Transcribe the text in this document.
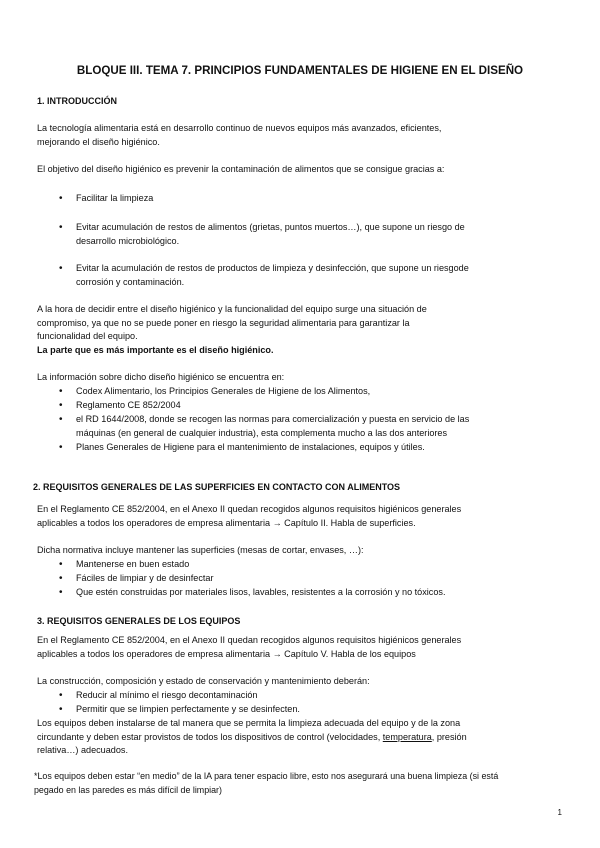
BLOQUE III. TEMA 7. PRINCIPIOS FUNDAMENTALES DE HIGIENE EN EL DISEÑO
1. INTRODUCCIÓN
La tecnología alimentaria está en desarrollo continuo de nuevos equipos más avanzados, eficientes,
mejorando el diseño higiénico.
El objetivo del diseño higiénico es prevenir la contaminación de alimentos que se consigue gracias a:
• Facilitar la limpieza
• Evitar acumulación de restos de alimentos (grietas, puntos muertos…), que supone un riesgo de
desarrollo microbiológico.
• Evitar la acumulación de restos de productos de limpieza y desinfección, que supone un riesgode
corrosión y contaminación.
A la hora de decidir entre el diseño higiénico y la funcionalidad del equipo surge una situación de
compromiso, ya que no se puede poner en riesgo la seguridad alimentaria para garantizar la
funcionalidad del equipo.
La parte que es más importante es el diseño higiénico.
La información sobre dicho diseño higiénico se encuentra en:
• Codex Alimentario, los Principios Generales de Higiene de los Alimentos,
• Reglamento CE 852/2004
• el RD 1644/2008, donde se recogen las normas para comercialización y puesta en servicio de las
máquinas (en general de cualquier industria), esta complementa mucho a las dos anteriores
• Planes Generales de Higiene para el mantenimiento de instalaciones, equipos y útiles.
2. REQUISITOS GENERALES DE LAS SUPERFICIES EN CONTACTO CON ALIMENTOS
En el Reglamento CE 852/2004, en el Anexo II quedan recogidos algunos requisitos higiénicos generales
aplicables a todos los operadores de empresa alimentaria → Capítulo II. Habla de superficies.
Dicha normativa incluye mantener las superficies (mesas de cortar, envases, …):
• Mantenerse en buen estado
• Fáciles de limpiar y de desinfectar
• Que estén construidas por materiales lisos, lavables, resistentes a la corrosión y no tóxicos.
3. REQUISITOS GENERALES DE LOS EQUIPOS
En el Reglamento CE 852/2004, en el Anexo II quedan recogidos algunos requisitos higiénicos generales
aplicables a todos los operadores de empresa alimentaria → Capítulo V. Habla de los equipos
La construcción, composición y estado de conservación y mantenimiento deberán:
• Reducir al mínimo el riesgo decontaminación
• Permitir que se limpien perfectamente y se desinfecten.
Los equipos deben instalarse de tal manera que se permita la limpieza adecuada del equipo y de la zona
circundante y deben estar provistos de todos los dispositivos de control (velocidades, temperatura, presión
relativa…) adecuados.
*Los equipos deben estar “en medio” de la IA para tener espacio libre, esto nos asegurará una buena limpieza (si está
pegado en las paredes es más difícil de limpiar)
1
